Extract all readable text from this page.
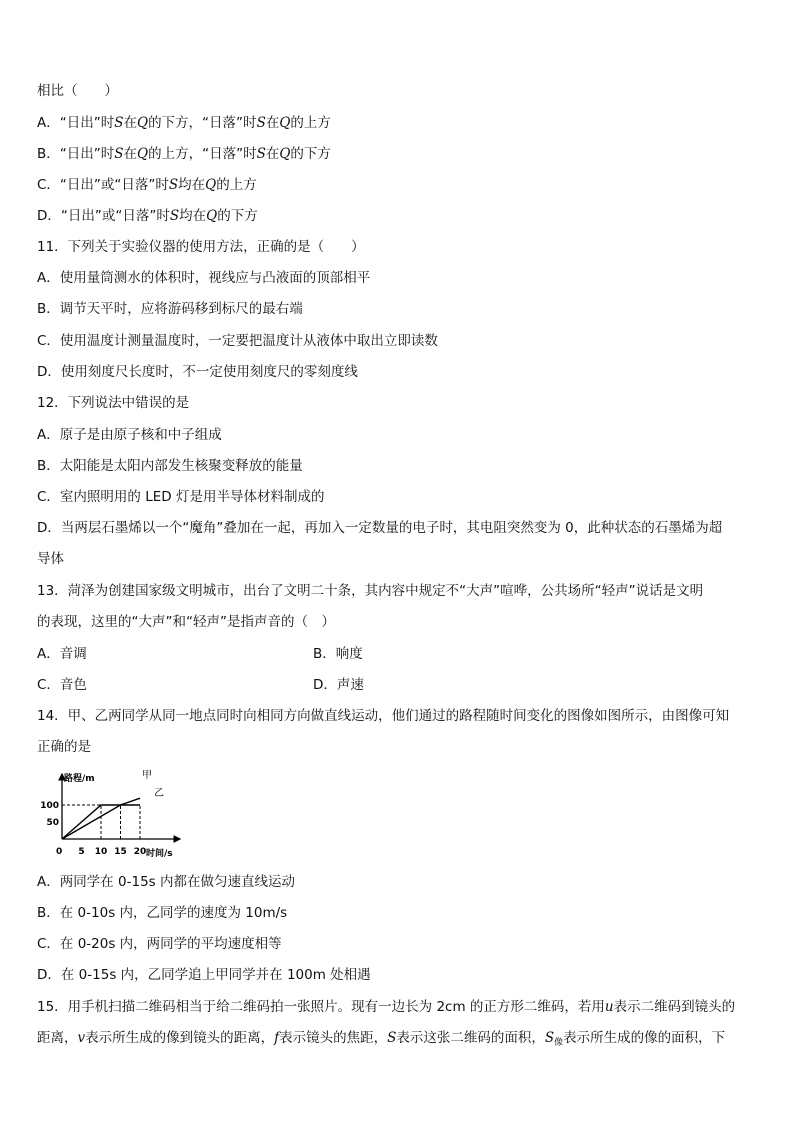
相比（　　）
A．“日出”时S在Q的下方，“日落”时S在Q的上方
B．“日出”时S在Q的上方，“日落”时S在Q的下方
C．“日出”或“日落”时S均在Q的上方
D．“日出”或“日落”时S均在Q的下方
11．下列关于实验仪器的使用方法，正确的是（　　）
A．使用量筒测水的体积时，视线应与凸液面的顶部相平
B．调节天平时，应将游码移到标尺的最右端
C．使用温度计测量温度时，一定要把温度计从液体中取出立即读数
D．使用刻度尺长度时，不一定使用刻度尺的零刻度线
12．下列说法中错误的是
A．原子是由原子核和中子组成
B．太阳能是太阳内部发生核聚变释放的能量
C．室内照明用的 LED 灯是用半导体材料制成的
D．当两层石墨烯以一个“魔角”叠加在一起，再加入一定数量的电子时，其电阻突然变为 0，此种状态的石墨烯为超
导体
13．菏泽为创建国家级文明城市，出台了文明二十条，其内容中规定不“大声”喧哗，公共场所“轻声”说话是文明
的表现，这里的“大声”和“轻声”是指声音的（　）
A．音调	B．响度
C．音色	D．声速
14．甲、乙两同学从同一地点同时向相同方向做直线运动，他们通过的路程随时间变化的图像如图所示，由图像可知
正确的是
A．两同学在 0-15s 内都在做匀速直线运动
B．在 0-10s 内，乙同学的速度为 10m/s
C．在 0-20s 内，两同学的平均速度相等
D．在 0-15s 内，乙同学追上甲同学并在 100m 处相遇
15．用手机扫描二维码相当于给二维码拍一张照片。现有一边长为 2cm 的正方形二维码，若用u表示二维码到镜头的
距离，v表示所生成的像到镜头的距离，f表示镜头的焦距，S表示这张二维码的面积，$S_像$表示所生成的像的面积，下
甲
乙
路程/m
时间/s
0 5 10 15 20
50
100
